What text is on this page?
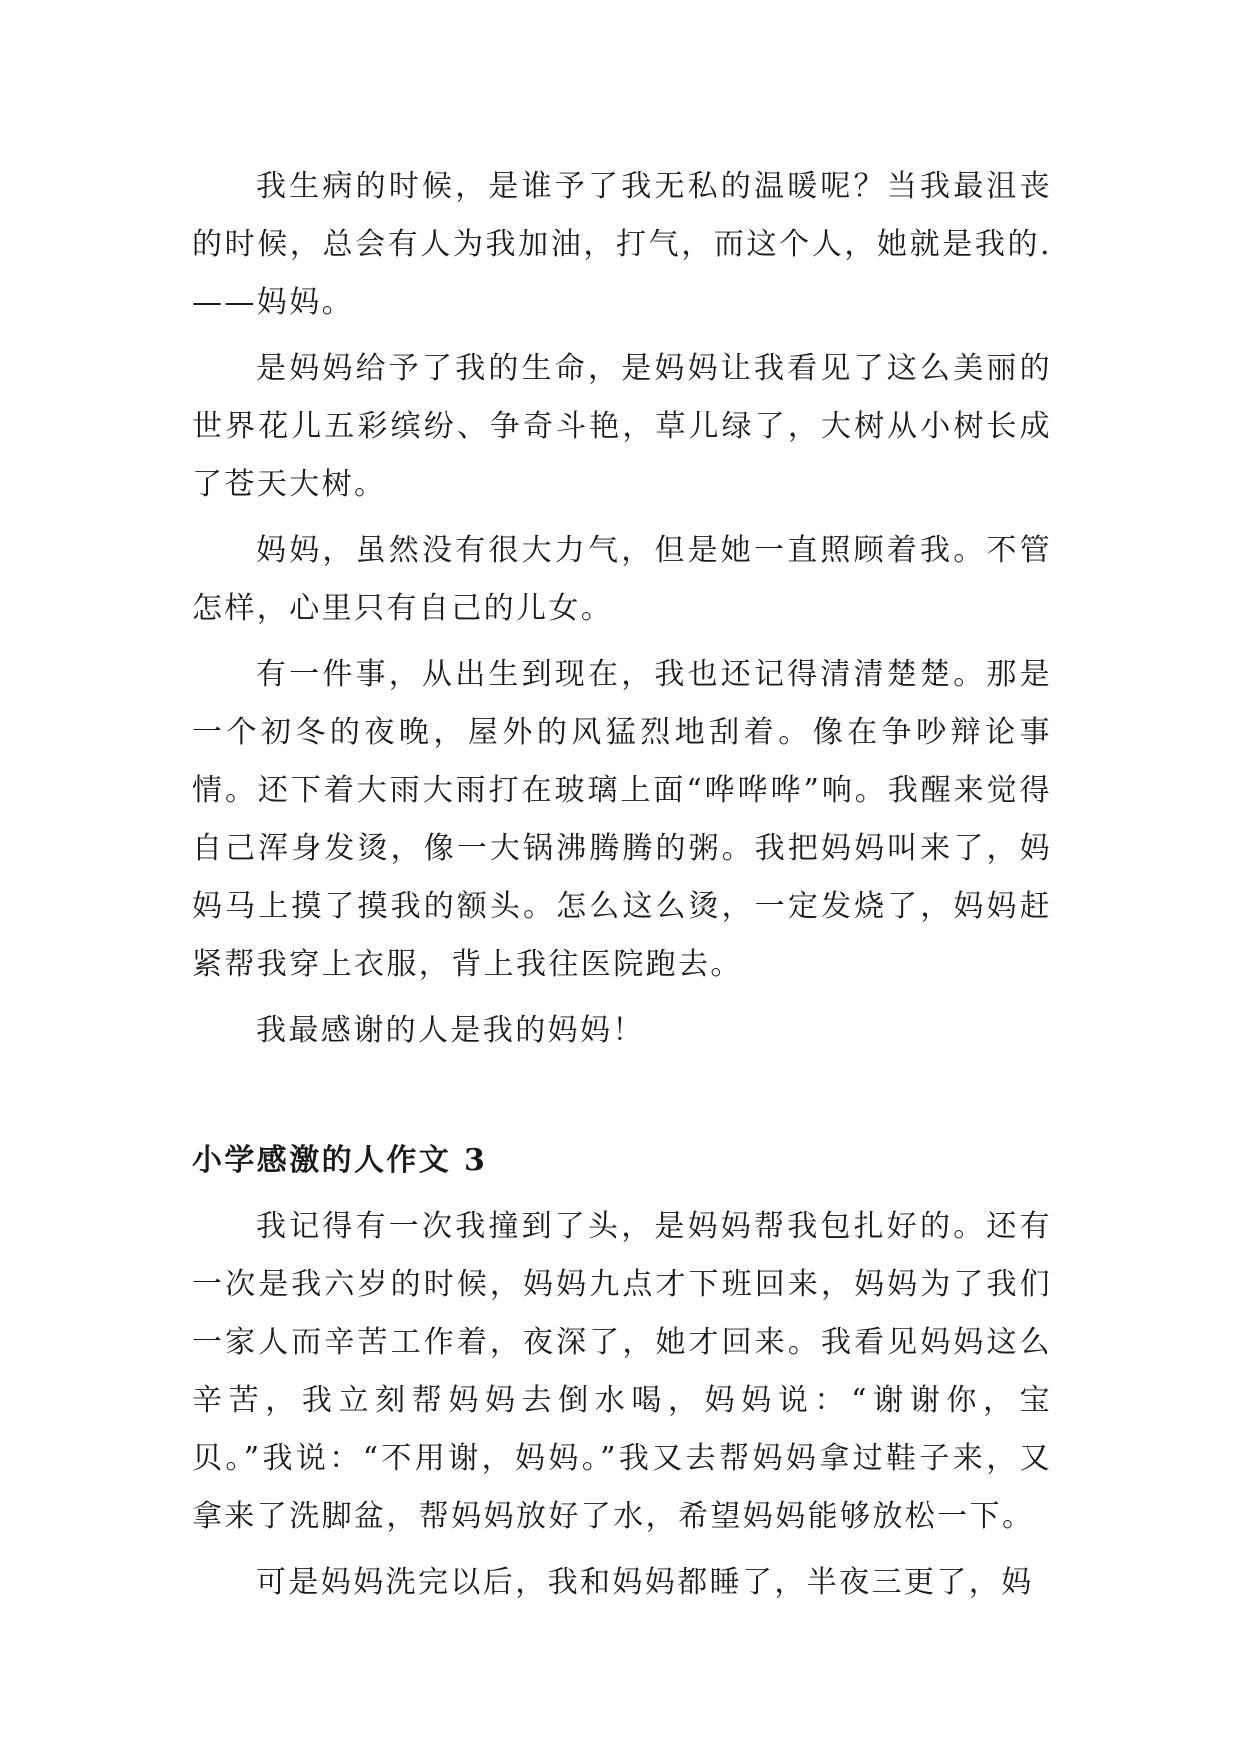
我生病的时候，是谁予了我无私的温暖呢？当我最沮丧的时候，总会有人为我加油，打气，而这个人，她就是我的.——妈妈。

是妈妈给予了我的生命，是妈妈让我看见了这么美丽的世界花儿五彩缤纷、争奇斗艳，草儿绿了，大树从小树长成了苍天大树。

妈妈，虽然没有很大力气，但是她一直照顾着我。不管怎样，心里只有自己的儿女。

有一件事，从出生到现在，我也还记得清清楚楚。那是一个初冬的夜晚，屋外的风猛烈地刮着。像在争吵辩论事情。还下着大雨大雨打在玻璃上面“哗哗哗”响。我醒来觉得自己浑身发烫，像一大锅沸腾腾的粥。我把妈妈叫来了，妈妈马上摸了摸我的额头。怎么这么烫，一定发烧了，妈妈赶紧帮我穿上衣服，背上我往医院跑去。

我最感谢的人是我的妈妈！

小学感激的人作文 3

我记得有一次我撞到了头，是妈妈帮我包扎好的。还有一次是我六岁的时候，妈妈九点才下班回来，妈妈为了我们一家人而辛苦工作着，夜深了，她才回来。我看见妈妈这么辛苦，我立刻帮妈妈去倒水喝，妈妈说：“谢谢你，宝贝。”我说：“不用谢，妈妈。”我又去帮妈妈拿过鞋子来，又拿来了洗脚盆，帮妈妈放好了水，希望妈妈能够放松一下。

可是妈妈洗完以后，我和妈妈都睡了，半夜三更了，妈
